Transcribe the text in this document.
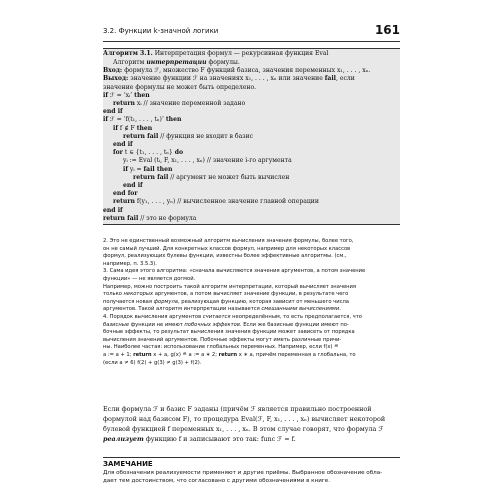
3.2. Функции k-значной логики	161
Алгоритм 3.1. Интерпретация формул — рекурсивная функция Eval
Алгоритм интерпретации формулы.
Вход: формула ℱ, множество F функций базиса, значения переменных x₁, . . . , xₙ.
Выход: значение функции ℱ на значениях x₁, . . . , xₙ или значение fail, если
значение формулы не может быть определено.
if ℱ = ‘xᵢ’ then
return xᵢ // значение переменной задано
end if
if ℱ = ‘f(t₁, . . . , tₙ)’ then
if f ∉ F then
return fail // функция не входит в базис
end if
for t ∈ {t₁, . . . , tₙ} do
yᵢ := Eval (tᵢ, F, x₁, . . . , xₙ) // значение i-го аргумента
if yᵢ = fail then
return fail // аргумент не может быть вычислен
end if
end for
return f(y₁, . . . , yₙ) // вычисленное значение главной операции
end if
return fail // это не формула
2. Это не единственный возможный алгоритм вычисления значения формулы, более того,
он не самый лучший. Для конкретных классов формул, например для некоторых классов
формул, реализующих булевы функции, известны более эффективные алгоритмы. (см.,
например, п. 3.5.3).
3. Сама идея этого алгоритма: «сначала вычисляются значения аргументов, а потом значение
функции» — не является догмой.
Например, можно построить такой алгоритм интерпретации, который вычисляет значения
только некоторых аргументов, а потом вычисляет значение функции, в результате чего
получается новая формула, реализующая функцию, которая зависит от меньшего числа
аргументов. Такой алгоритм интерпретации называется смешанными вычислениями.
4. Порядок вычисления аргументов считается неопределённым, то есть предполагается, что
базисные функции не имеют побочных эффектов. Если же базисные функции имеют по-
бочные эффекты, то результат вычисления значения функции может зависеть от порядка
вычисления значений аргументов. Побочные эффекты могут иметь различные причи-
ны. Наиболее частая: использование глобальных переменных. Например, если f(x) ≝
a := a + 1; return x + a, g(x) ≝ a := a ∗ 2; return x ∗ a, причём переменная a глобальна, то
(если a ≠ 6) f(2) + g(3) ≠ g(3) + f(2).
Если формула ℱ и базис F заданы (причём ℱ является правильно построенной
формулой над базисом F), то процедура Eval(ℱ, F, x₁, . . . , xₙ) вычисляет некоторой
булевой функцией f переменных x₁, . . . , xₙ. В этом случае говорят, что формула ℱ
реализует функцию f и записывают это так: func ℱ = f.
ЗАМЕЧАНИЕ
Для обозначения реализуемости применяют и другие приёмы. Выбранное обозначение обла-
дает тем достоинством, что согласовано с другими обозначениями в книге.
